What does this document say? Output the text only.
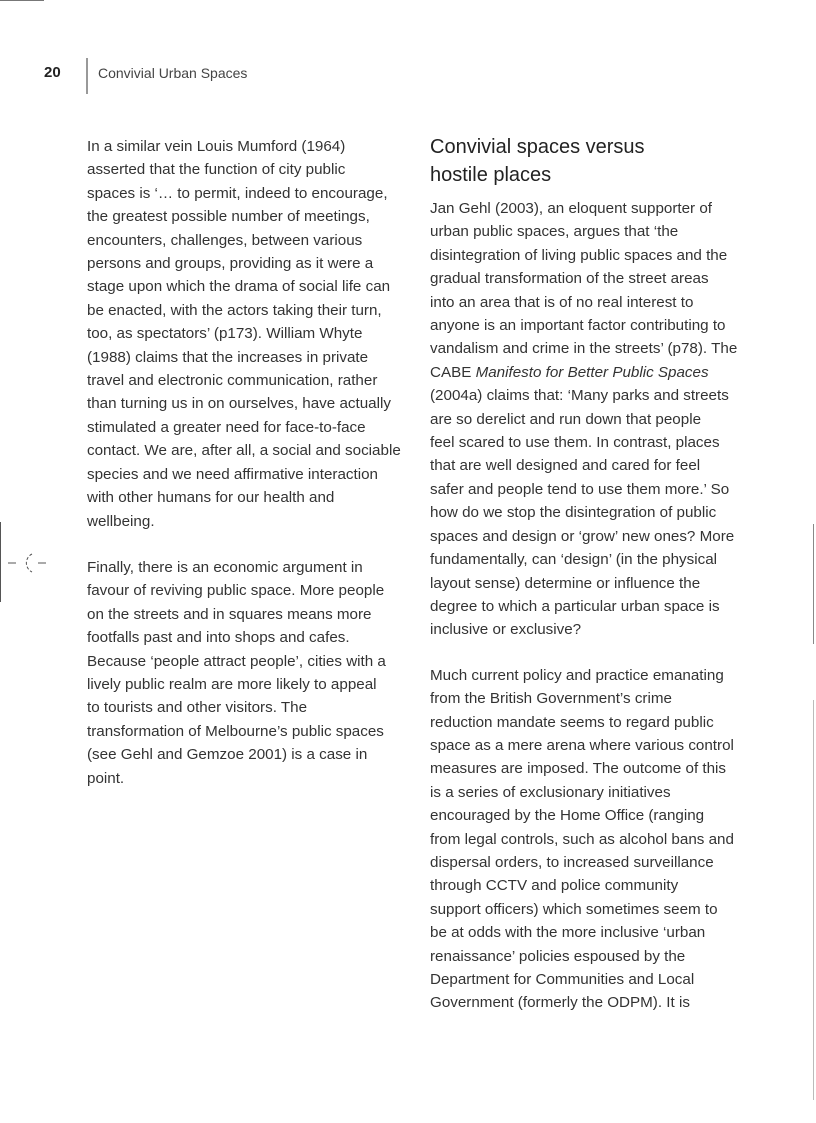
20	Convivial Urban Spaces

In a similar vein Louis Mumford (1964)
asserted that the function of city public
spaces is ‘… to permit, indeed to encourage,
the greatest possible number of meetings,
encounters, challenges, between various
persons and groups, providing as it were a
stage upon which the drama of social life can
be enacted, with the actors taking their turn,
too, as spectators’ (p173). William Whyte
(1988) claims that the increases in private
travel and electronic communication, rather
than turning us in on ourselves, have actually
stimulated a greater need for face-to-face
contact. We are, after all, a social and sociable
species and we need affirmative interaction
with other humans for our health and
wellbeing.

Finally, there is an economic argument in
favour of reviving public space. More people
on the streets and in squares means more
footfalls past and into shops and cafes.
Because ‘people attract people’, cities with a
lively public realm are more likely to appeal
to tourists and other visitors. The
transformation of Melbourne’s public spaces
(see Gehl and Gemzoe 2001) is a case in
point.

Convivial spaces versus
hostile places

Jan Gehl (2003), an eloquent supporter of
urban public spaces, argues that ‘the
disintegration of living public spaces and the
gradual transformation of the street areas
into an area that is of no real interest to
anyone is an important factor contributing to
vandalism and crime in the streets’ (p78). The
CABE Manifesto for Better Public Spaces
(2004a) claims that: ‘Many parks and streets
are so derelict and run down that people
feel scared to use them. In contrast, places
that are well designed and cared for feel
safer and people tend to use them more.’ So
how do we stop the disintegration of public
spaces and design or ‘grow’ new ones? More
fundamentally, can ‘design’ (in the physical
layout sense) determine or influence the
degree to which a particular urban space is
inclusive or exclusive?

Much current policy and practice emanating
from the British Government’s crime
reduction mandate seems to regard public
space as a mere arena where various control
measures are imposed. The outcome of this
is a series of exclusionary initiatives
encouraged by the Home Office (ranging
from legal controls, such as alcohol bans and
dispersal orders, to increased surveillance
through CCTV and police community
support officers) which sometimes seem to
be at odds with the more inclusive ‘urban
renaissance’ policies espoused by the
Department for Communities and Local
Government (formerly the ODPM). It is
